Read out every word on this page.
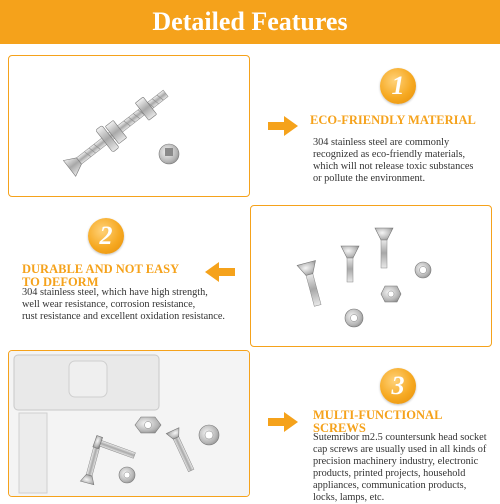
Detailed Features
1
ECO-FRIENDLY MATERIAL
304 stainless steel are commonly
recognized as eco-friendly materials,
which will not release toxic substances
or pollute the environment.
2
DURABLE AND NOT EASY
TO DEFORM
304 stainless steel, which have high strength,
well wear resistance, corrosion resistance,
rust resistance and excellent oxidation resistance.
3
MULTI-FUNCTIONAL
SCREWS
Sutemribor m2.5 countersunk head socket
cap screws are usually used in all kinds of
precision machinery industry, electronic
products, printed projects, household
appliances, communication products,
locks, lamps, etc.
